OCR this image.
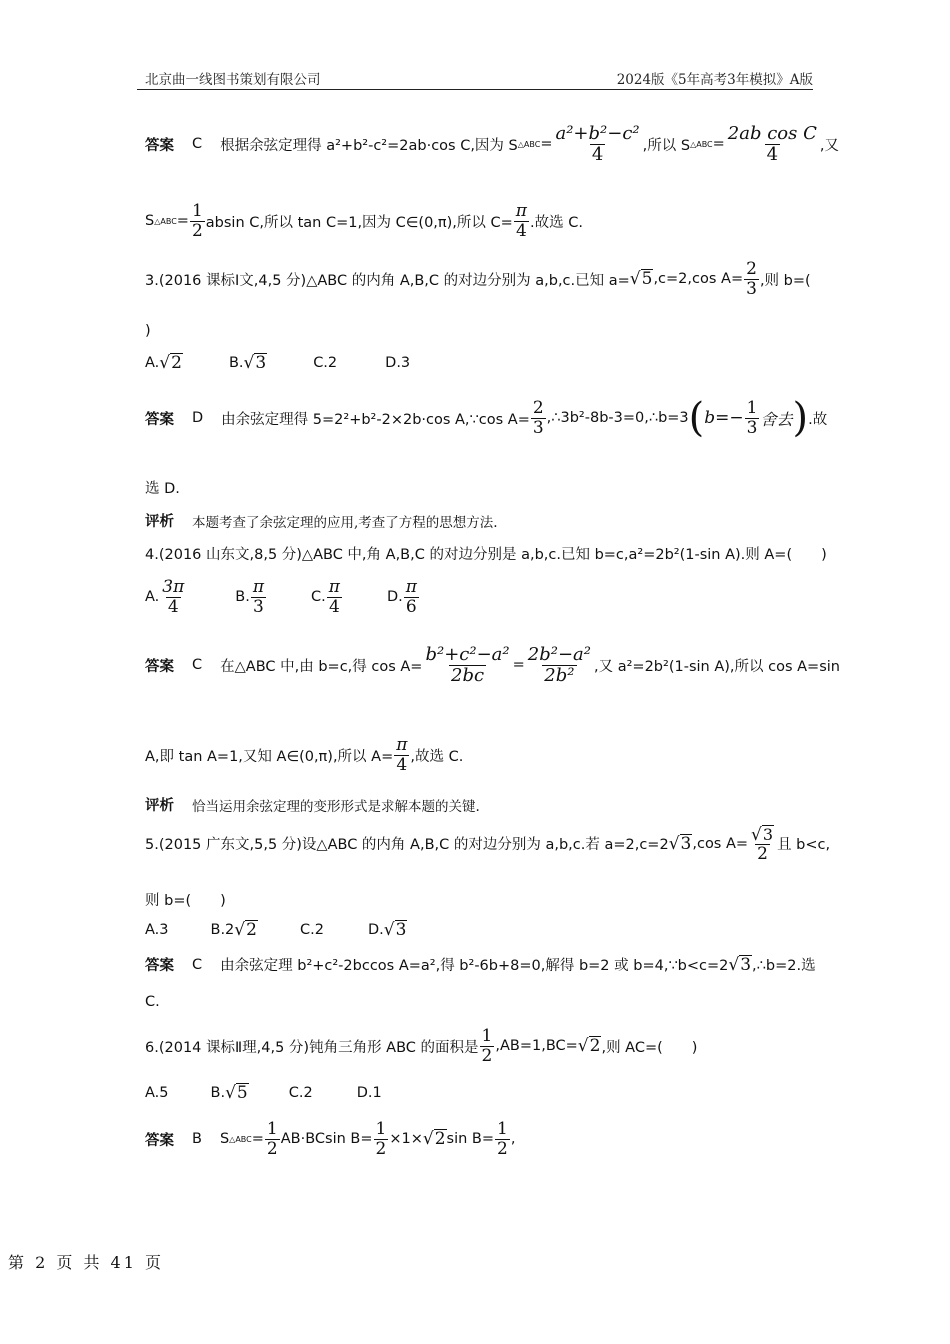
北京曲一线图书策划有限公司	2024版《5年高考3年模拟》A版
答案 C 根据余弦定理得 a²+b²-c²=2ab·cos C,因为 S △ABC = $\frac{\text{a²+b²−c²}}{4}$ ,所以 S △ABC = $\frac{\text{2ab cos C}}{4}$ ,又
S △ABC = $\frac{1}{2}$ absin C,所以 tan C=1,因为 C∈(0,π),所以 $C= \frac{\pi}{4}$ .故选 C.
3.(2016 课标Ⅰ文,4,5 分)△ABC 的内角 A,B,C 的对边分别为 a,b,c.已知 a= √ 5 ,c=2,cos $A= \frac{2}{3}$ ,则 b=(
)
A. √ 2	B. √ 3	C.2	D.3
答案 D 由余弦定理得 5=2²+b²-2×2b·cos A,∵cos $A= \frac{2}{3}$ ,∴3b²-8b-3=0,∴b=3 ( $b=- \frac{1}{3}$ 舍去 ) .故
选 D.
评析 本题考查了余弦定理的应用,考查了方程的思想方法.
4.(2016 山东文,8,5 分)△ABC 中,角 A,B,C 的对边分别是 a,b,c.已知 b=c,a²=2b²(1-sin A).则 A=(　　)
A. $\frac{3\pi}{4}$	B. $\frac{\pi}{3}$	C. $\frac{\pi}{4}$	D. $\frac{\pi}{6}$
答案 C 在△ABC 中,由 b=c,得 $\cos A= \frac{\text{b²+c²−a²}}{2bc} = \frac{\text{2b²−a²}}{\text{2b²}}$ ,又 a²=2b²(1-sin A),所以 cos A=sin
A,即 tan A=1,又知 A∈(0,π),所以 $A= \frac{\pi}{4}$ ,故选 C.
评析 恰当运用余弦定理的变形形式是求解本题的关键.
5.(2015 广东文,5,5 分)设△ABC 的内角 A,B,C 的对边分别为 a,b,c.若 a=2,c=2 √ 3 ,cos $A= \frac{√ 3}{2}$ 且 b<c,
则 b=(　　)
A.3	B.2 √ 2	C.2	D. √ 3
答案 C 由余弦定理 b²+c²-2bccos A=a²,得 b²-6b+8=0,解得 b=2 或 b=4,∵b<c=2 √ 3 ,∴b=2.选
C.
6.(2014 课标Ⅱ理,4,5 分)钝角三角形 ABC 的面积是 $\frac{1}{2} ,AB=1,BC=$ √ 2 ,则 AC=(　　)
A.5	B. √ 5	C.2	D.1
答案 B S △ABC = $\frac{1}{2} AB\cdot BCsin$ $B= \frac{1}{2} \times 1\times$ √ 2 $\sin B= \frac{1}{2}$ ,
第 2 页 共 41 页
